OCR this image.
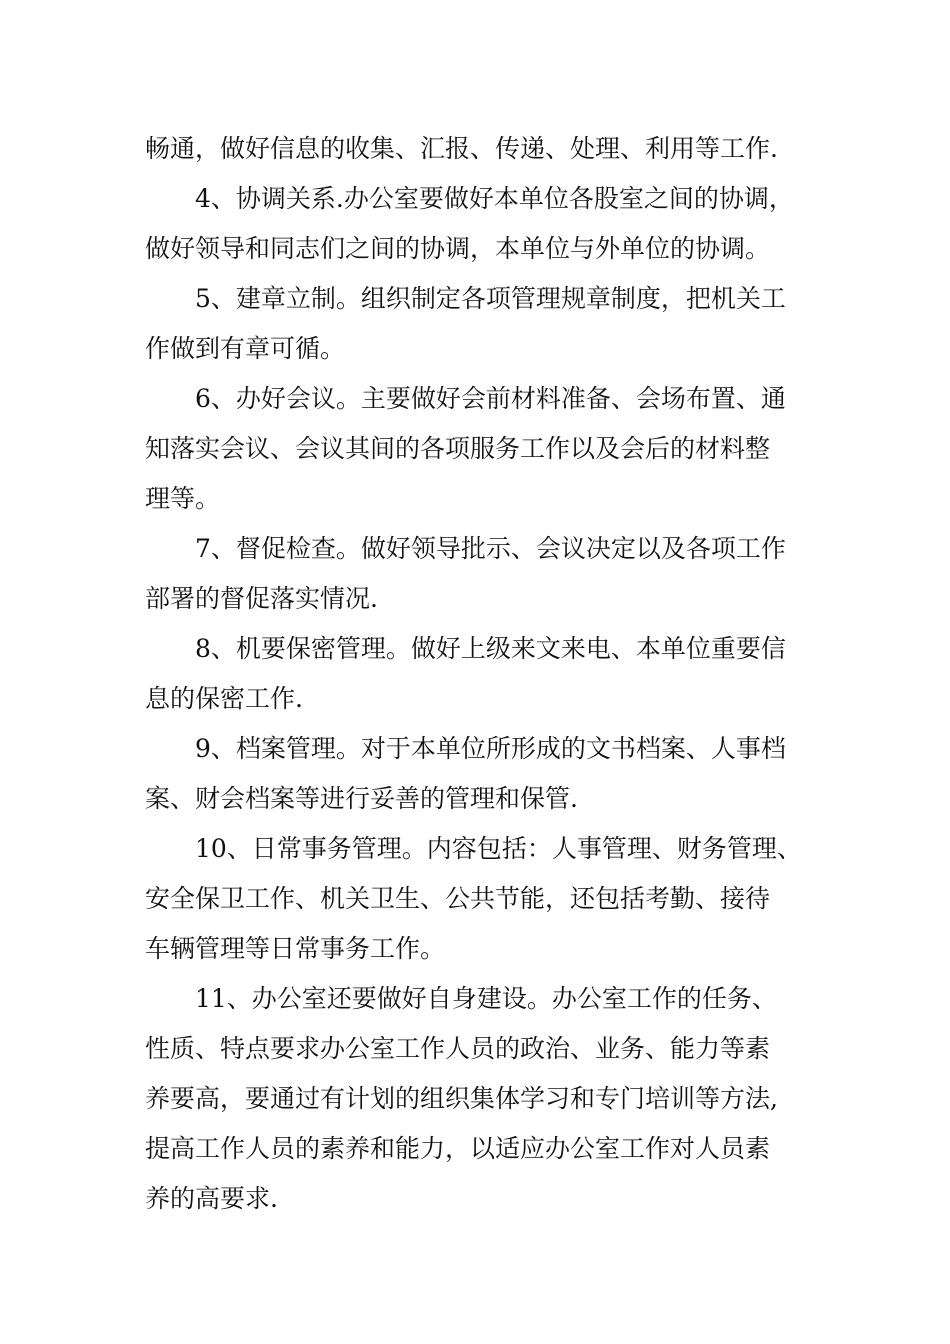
畅通，做好信息的收集、汇报、传递、处理、利用等工作.
4、协调关系.办公室要做好本单位各股室之间的协调，
做好领导和同志们之间的协调，本单位与外单位的协调。
5、建章立制。组织制定各项管理规章制度，把机关工
作做到有章可循。
6、办好会议。主要做好会前材料准备、会场布置、通
知落实会议、会议其间的各项服务工作以及会后的材料整
理等。
7、督促检查。做好领导批示、会议决定以及各项工作
部署的督促落实情况.
8、机要保密管理。做好上级来文来电、本单位重要信
息的保密工作.
9、档案管理。对于本单位所形成的文书档案、人事档
案、财会档案等进行妥善的管理和保管.
10、日常事务管理。内容包括：人事管理、财务管理、
安全保卫工作、机关卫生、公共节能，还包括考勤、接待
车辆管理等日常事务工作。
11、办公室还要做好自身建设。办公室工作的任务、
性质、特点要求办公室工作人员的政治、业务、能力等素
养要高，要通过有计划的组织集体学习和专门培训等方法,
提高工作人员的素养和能力，以适应办公室工作对人员素
养的高要求.
